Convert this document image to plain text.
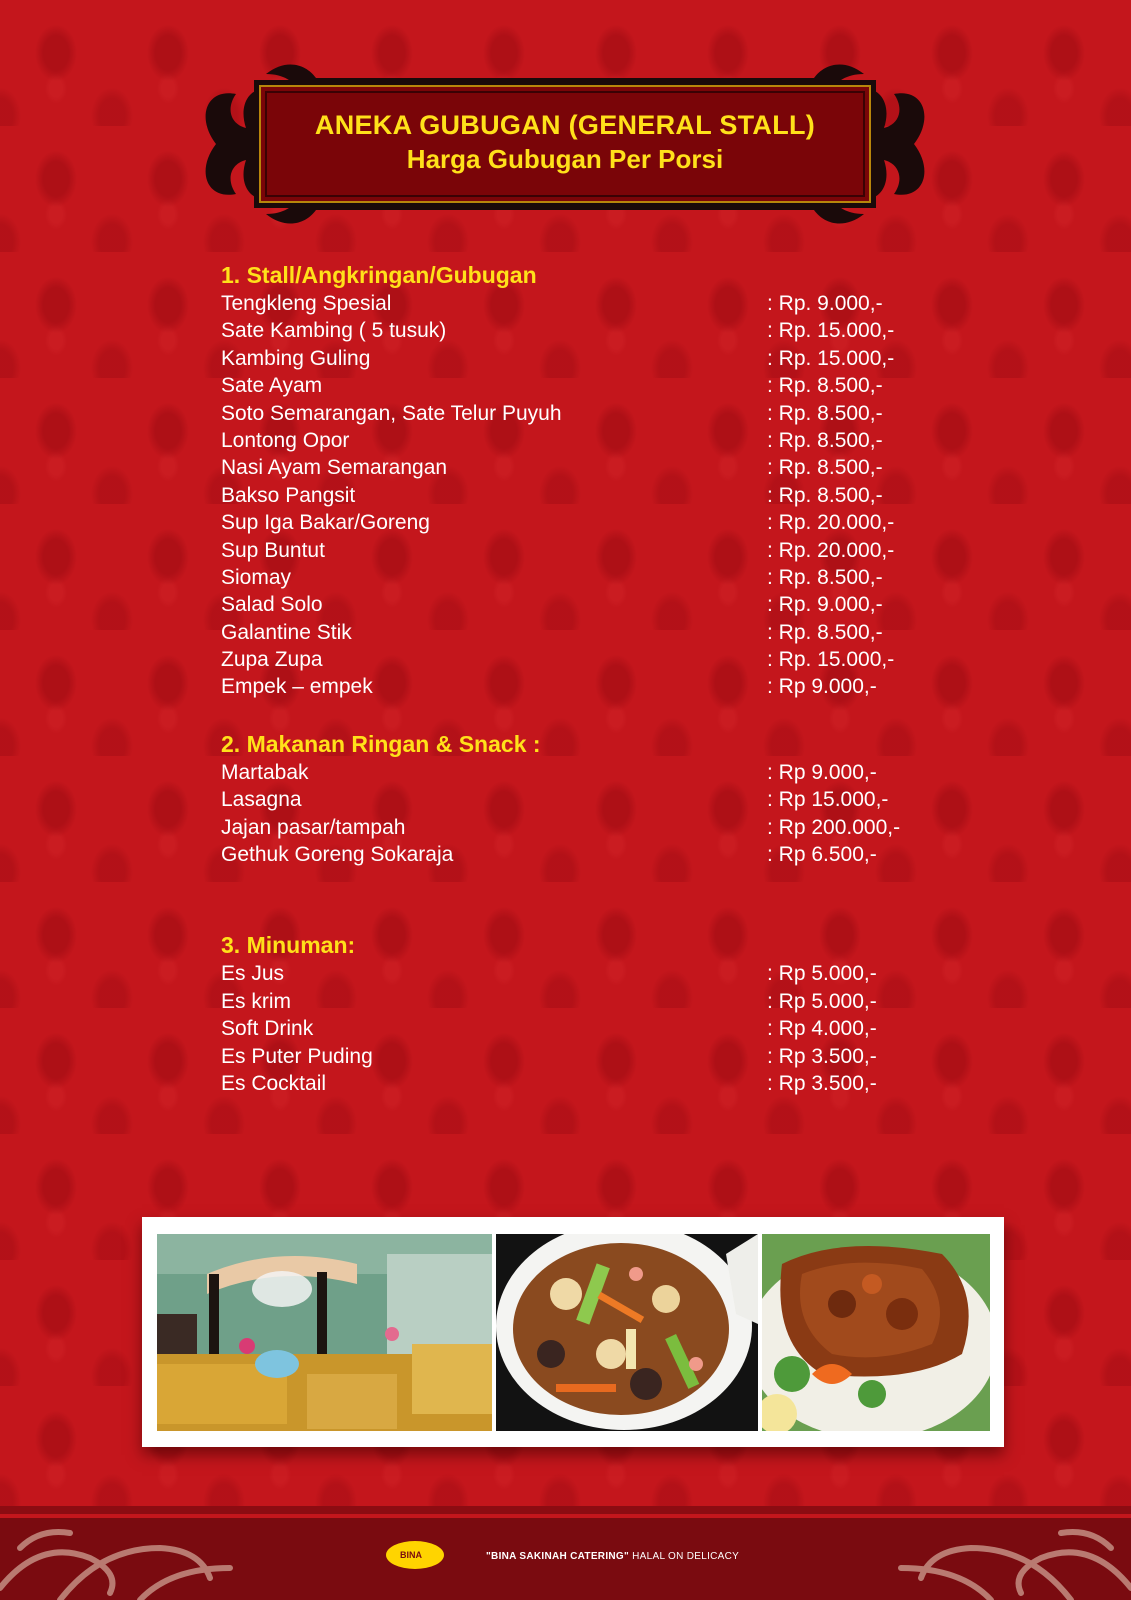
ANEKA GUBUGAN (GENERAL STALL)
Harga Gubugan Per Porsi
1. Stall/Angkringan/Gubugan
Tengkleng Spesial	: Rp. 9.000,-
Sate Kambing ( 5 tusuk)	: Rp. 15.000,-
Kambing Guling	: Rp. 15.000,-
Sate Ayam	: Rp. 8.500,-
Soto Semarangan, Sate Telur Puyuh	: Rp. 8.500,-
Lontong Opor	: Rp. 8.500,-
Nasi Ayam Semarangan	: Rp. 8.500,-
Bakso Pangsit	: Rp. 8.500,-
Sup Iga Bakar/Goreng	: Rp. 20.000,-
Sup Buntut	: Rp. 20.000,-
Siomay	: Rp. 8.500,-
Salad Solo	: Rp. 9.000,-
Galantine Stik	: Rp. 8.500,-
Zupa Zupa	: Rp. 15.000,-
Empek – empek	: Rp 9.000,-
2. Makanan Ringan & Snack :
Martabak	: Rp 9.000,-
Lasagna	: Rp 15.000,-
Jajan pasar/tampah	: Rp 200.000,-
Gethuk Goreng Sokaraja	: Rp 6.500,-
3. Minuman:
Es Jus	: Rp 5.000,-
Es krim	: Rp 5.000,-
Soft Drink	: Rp 4.000,-
Es Puter Puding	: Rp 3.500,-
Es Cocktail	: Rp 3.500,-
BINA	"BINA SAKINAH CATERING" HALAL ON DELICACY
